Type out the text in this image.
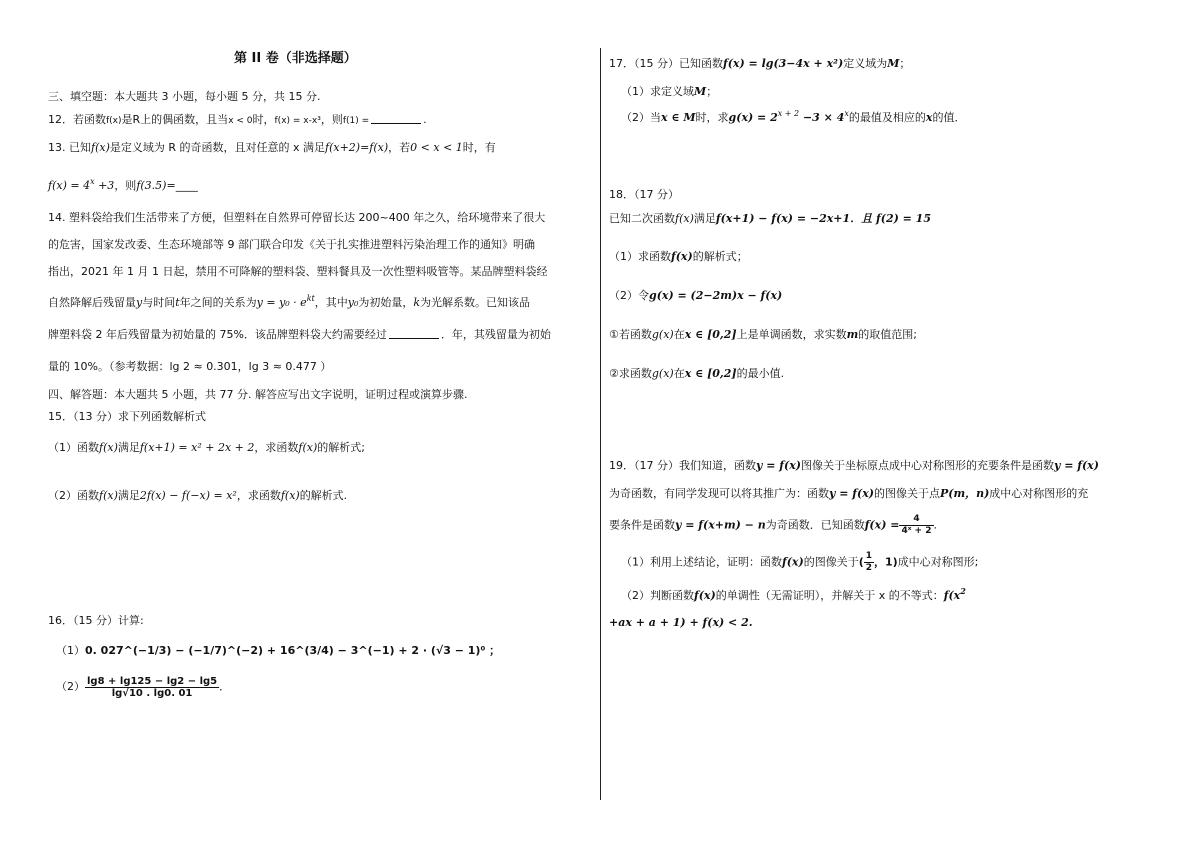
第 II 卷（非选择题）
三、填空题：本大题共 3 小题，每小题 5 分，共 15 分.
12．若函数f(x)是R上的偶函数，且当x < 0时，f(x) = x-x³，则f(1) =	.
13. 已知f(x)是定义域为 R 的奇函数，且对任意的 x 满足f(x+2)=f(x)，若0 < x < 1时，有
$f(x) = 4^x +3$，则f(3.5)=____
14. 塑料袋给我们生活带来了方便，但塑料在自然界可停留长达 200~400 年之久，给环境带来了很大
的危害，国家发改委、生态环境部等 9 部门联合印发《关于扎实推进塑料污染治理工作的通知》明确
指出，2021 年 1 月 1 日起，禁用不可降解的塑料袋、塑料餐具及一次性塑料吸管等。某品牌塑料袋经
自然降解后残留量y与时间t年之间的关系为$y = y_0 \cdot e^{kt}$，其中y₀为初始量，k为光解系数。已知该品
牌塑料袋 2 年后残留量为初始量的 75%．该品牌塑料袋大约需要经过	．年，其残留量为初始
量的 10%。（参考数据：lg 2 ≈ 0.301，lg 3 ≈ 0.477 ）
四、解答题：本大题共 5 小题，共 77 分. 解答应写出文字说明，证明过程或演算步骤.
15．（13 分）求下列函数解析式
（1）函数f(x)满足f(x+1) = x² + 2x + 2，求函数f(x)的解析式;
（2）函数f(x)满足2f(x) − f(−x) = x²，求函数f(x)的解析式.
16．（15 分）计算:
（1）0. 027^(−1/3) − (−1/7)^(−2) + 16^(3/4) − 3^(−1) + 2 · (√3 − 1)⁰ ；
$(2) \frac{\lg 8 + \lg 125 - \lg 2 - \lg 5}{\lg√10 . \lg 0. 01}$ ．
17．（15 分）已知函数f(x) = lg(3−4x + x²)定义域为M；
（1）求定义域M；
（2）当x ∈ M时，求$g(x) = 2^{x + 2} -3 \times 4^x$的最值及相应的x的值．
18．（17 分）
已知二次函数f(x)满足f(x+1) − f(x) = −2x+1．且 f(2) = 15
（1）求函数f(x)的解析式；
（2）令g(x) = (2−2m)x − f(x)
①若函数g(x)在x ∈ [0,2]上是单调函数，求实数m的取值范围;
②求函数g(x)在x ∈ [0,2]的最小值.
19．（17 分）我们知道，函数y = f(x)图像关于坐标原点成中心对称图形的充要条件是函数y = f(x)
为奇函数，有同学发现可以将其推广为：函数y = f(x)的图像关于点P(m，n)成中心对称图形的充
要条件是函数y = f(x+m) − n为奇函数．已知函数$f(x) = \frac{4}{\text{4ˣ + 2}}$ .
（1）利用上述结论，证明：函数f(x)的图像关于( $\frac{1}{2}$ ，1)成中心对称图形;
（2）判断函数f(x)的单调性（无需证明），并解关于 x 的不等式：$f(x^2$
+ax + a + 1) + f(x) < 2.
